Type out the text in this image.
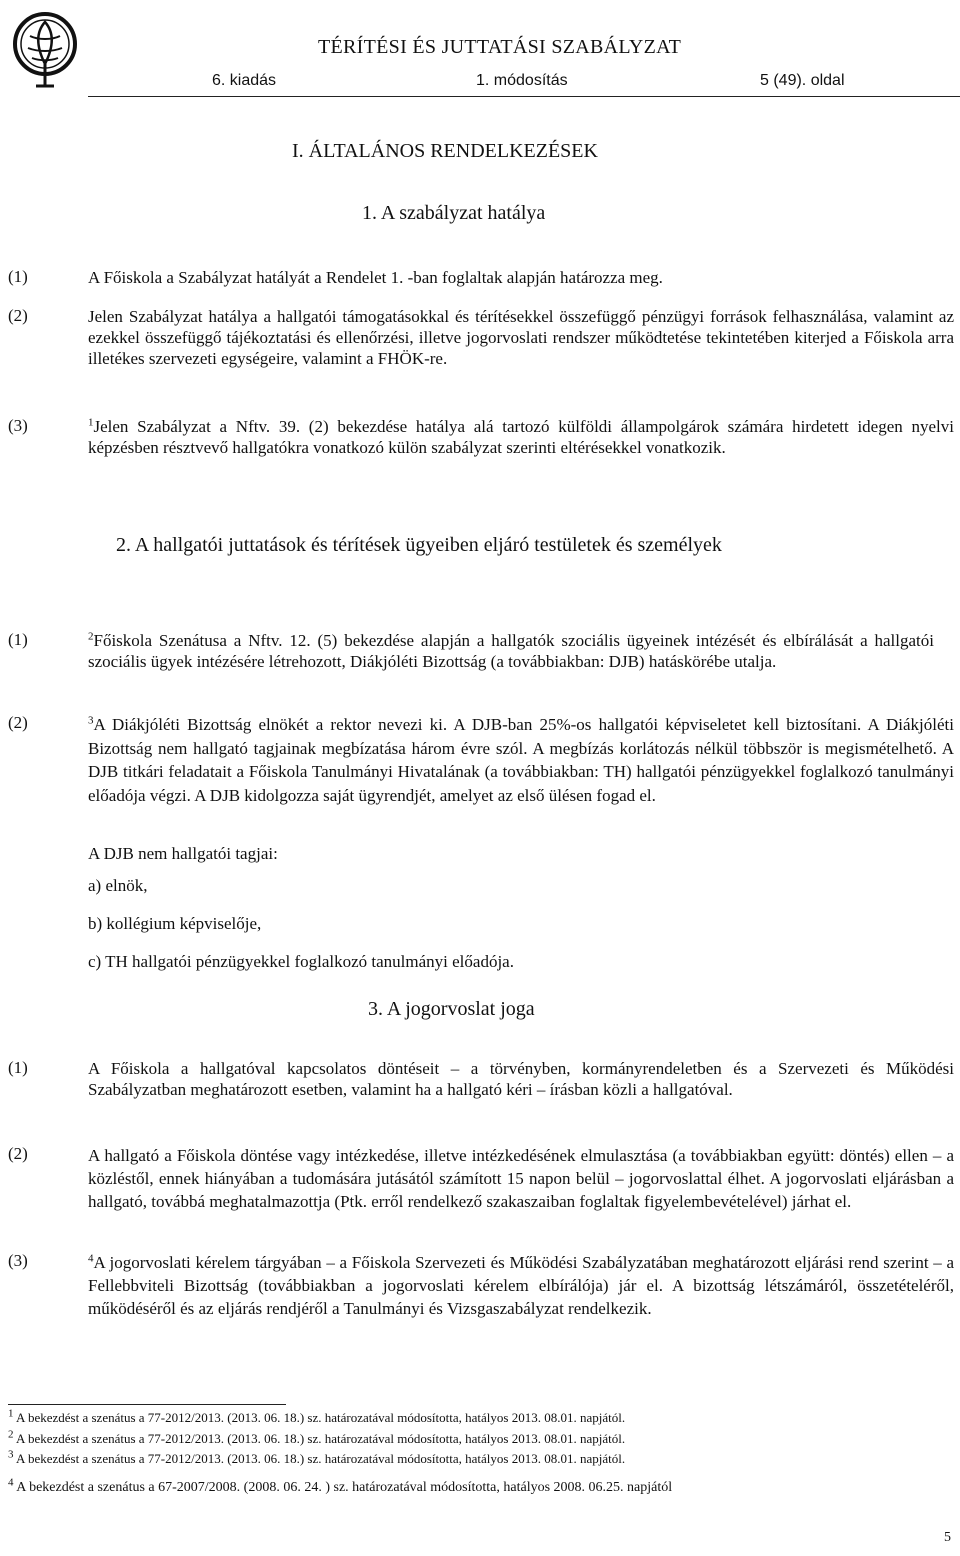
TÉRÍTÉSI ÉS JUTTATÁSI SZABÁLYZAT
6. kiadás	1. módosítás	5 (49). oldal
I. ÁLTALÁNOS RENDELKEZÉSEK
1. A szabályzat hatálya
(1)	A Főiskola a Szabályzat hatályát a Rendelet 1. -ban foglaltak alapján határozza meg.
(2)	Jelen Szabályzat hatálya a hallgatói támogatásokkal és térítésekkel összefüggő pénzügyi források felhasználása, valamint az ezekkel összefüggő tájékoztatási és ellenőrzési, illetve jogorvoslati rendszer működtetése tekintetében kiterjed a Főiskola arra illetékes szervezeti egységeire, valamint a FHÖK-re.
(3)	$^1$Jelen Szabályzat a Nftv. 39. (2) bekezdése hatálya alá tartozó külföldi állampolgárok számára hirdetett idegen nyelvi képzésben résztvevő hallgatókra vonatkozó külön szabályzat szerinti eltérésekkel vonatkozik.
2. A hallgatói juttatások és térítések ügyeiben eljáró testületek és személyek
(1)	$^2$Főiskola Szenátusa a Nftv. 12. (5) bekezdése alapján a hallgatók szociális ügyeinek intézését és elbírálását a hallgatói szociális ügyek intézésére létrehozott, Diákjóléti Bizottság (a továbbiakban: DJB) hatáskörébe utalja.
(2)	$^3$A Diákjóléti Bizottság elnökét a rektor nevezi ki. A DJB-ban 25%-os hallgatói képviseletet kell biztosítani. A Diákjóléti Bizottság nem hallgató tagjainak megbízatása három évre szól. A megbízás korlátozás nélkül többször is megismételhető. A DJB titkári feladatait a Főiskola Tanulmányi Hivatalának (a továbbiakban: TH) hallgatói pénzügyekkel foglalkozó tanulmányi előadója végzi. A DJB kidolgozza saját ügyrendjét, amelyet az első ülésen fogad el.
A DJB nem hallgatói tagjai:
a) elnök,
b) kollégium képviselője,
c) TH hallgatói pénzügyekkel foglalkozó tanulmányi előadója.
3. A jogorvoslat joga
(1)	A Főiskola a hallgatóval kapcsolatos döntéseit – a törvényben, kormányrendeletben és a Szervezeti és Működési Szabályzatban meghatározott esetben, valamint ha a hallgató kéri – írásban közli a hallgatóval.
(2)	A hallgató a Főiskola döntése vagy intézkedése, illetve intézkedésének elmulasztása (a továbbiakban együtt: döntés) ellen – a közléstől, ennek hiányában a tudomására jutásától számított 15 napon belül – jogorvoslattal élhet. A jogorvoslati eljárásban a hallgató, továbbá meghatalmazottja (Ptk. erről rendelkező szakaszaiban foglaltak figyelembevételével) járhat el.
(3)	$^4$A jogorvoslati kérelem tárgyában – a Főiskola Szervezeti és Működési Szabályzatában meghatározott eljárási rend szerint – a Fellebbviteli Bizottság (továbbiakban a jogorvoslati kérelem elbírálója) jár el. A bizottság létszámáról, összetételéről, működéséről és az eljárás rendjéről a Tanulmányi és Vizsgaszabályzat rendelkezik.
$^1$ A bekezdést a szenátus a 77-2012/2013. (2013. 06. 18.) sz. határozatával módosította, hatályos 2013. 08.01. napjától.
$^2$ A bekezdést a szenátus a 77-2012/2013. (2013. 06. 18.) sz. határozatával módosította, hatályos 2013. 08.01. napjától.
$^3$ A bekezdést a szenátus a 77-2012/2013. (2013. 06. 18.) sz. határozatával módosította, hatályos 2013. 08.01. napjától.
$^4$ A bekezdést a szenátus a 67-2007/2008. (2008. 06. 24. ) sz. határozatával módosította, hatályos 2008. 06.25. napjától
5
